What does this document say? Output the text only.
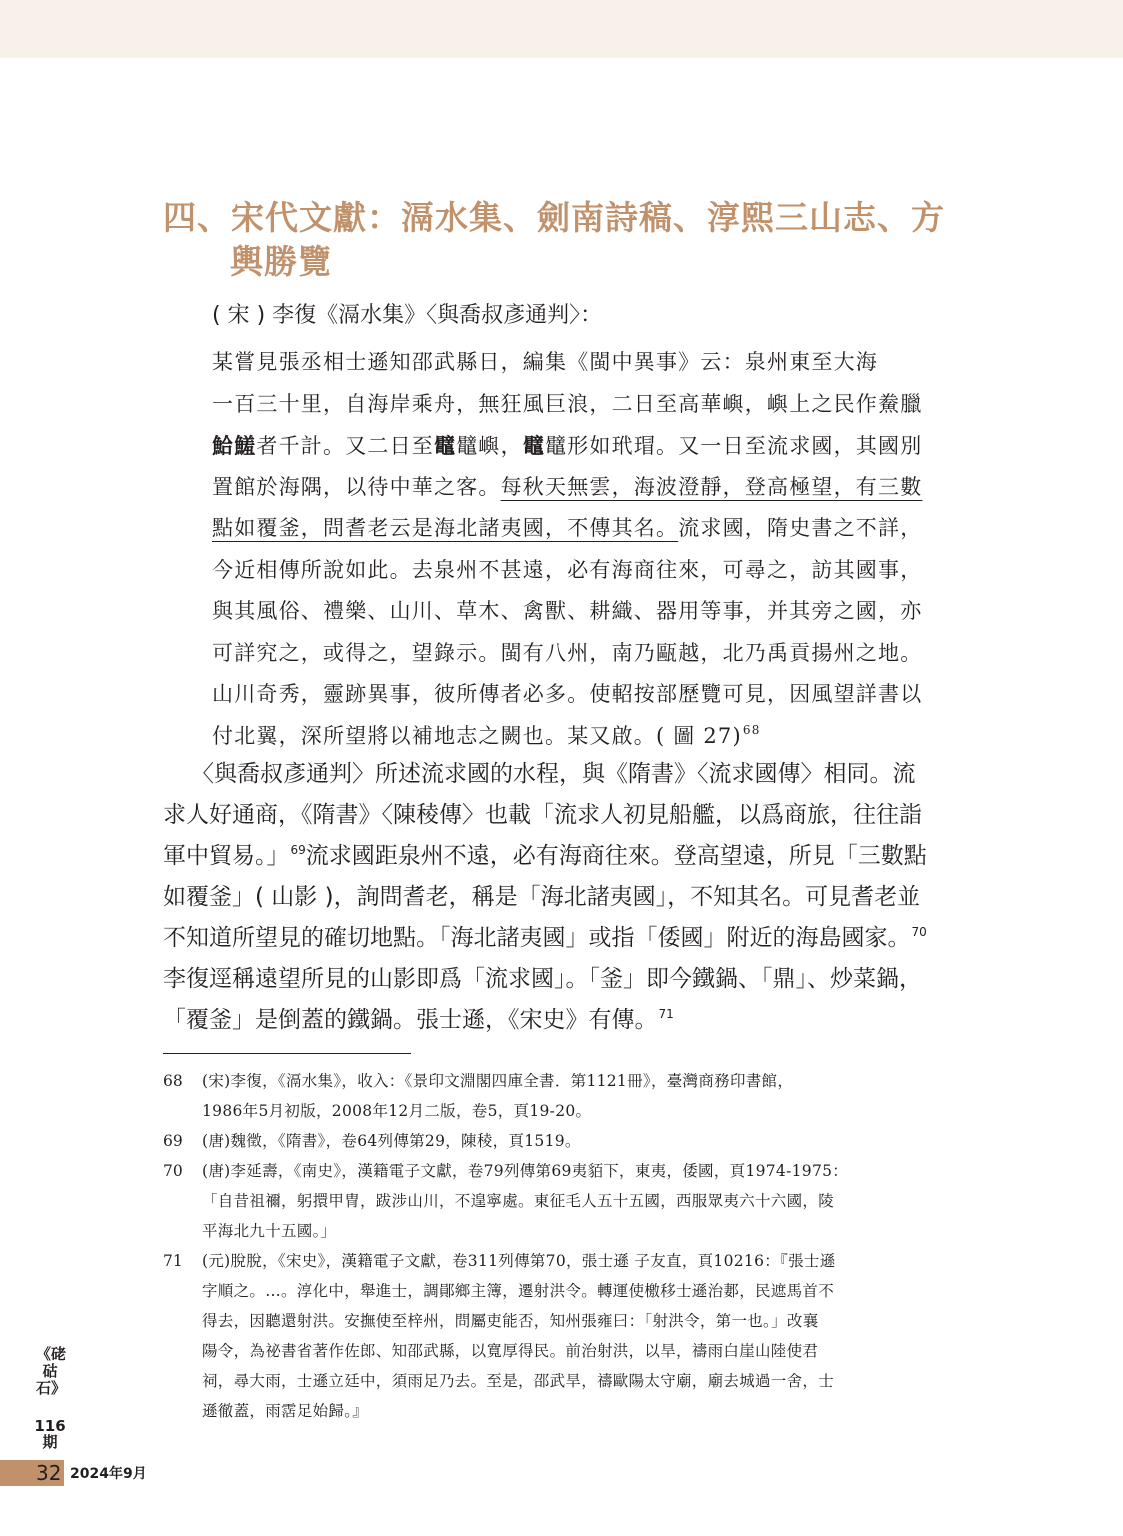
四、宋代文獻：滆水集、劍南詩稿、淳熙三山志、方
輿勝覽

( 宋 ) 李復《滆水集》〈與喬叔彥通判〉：

某嘗見張丞相士遜知邵武縣日，編集《閩中異事》云：泉州東至大海
一百三十里，自海岸乘舟，無狂風巨浪，二日至高華嶼，嶼上之民作鮝臘
鮯鱃者千計。又二日至鼊鼊嶼，鼊鼊形如玳瑁。又一日至流求國，其國別
置館於海隅，以待中華之客。每秋天無雲，海波澄靜，登高極望，有三數
點如覆釜，問耆老云是海北諸夷國，不傳其名。流求國，隋史書之不詳，
今近相傳所說如此。去泉州不甚遠，必有海商往來，可尋之，訪其國事，
與其風俗、禮樂、山川、草木、禽獸、耕織、器用等事，并其旁之國，亦
可詳究之，或得之，望錄示。閩有八州，南乃甌越，北乃禹貢揚州之地。
山川奇秀，靈跡異事，彼所傳者必多。使軺按部歷覽可見，因風望詳書以
付北翼，深所望將以補地志之闕也。某又啟。( 圖 27)$^{68}$
〈與喬叔彥通判〉所述流求國的水程，與《隋書》〈流求國傳〉相同。流
求人好通商，《隋書》〈陳稜傳〉也載「流求人初見船艦，以爲商旅，往往詣
軍中貿易。」$^{69}$流求國距泉州不遠，必有海商往來。登高望遠，所見「三數點
如覆釜」( 山影 )，詢問耆老，稱是「海北諸夷國」，不知其名。可見耆老並
不知道所望見的確切地點。「海北諸夷國」或指「倭國」附近的海島國家。$^{70}$
李復逕稱遠望所見的山影即爲「流求國」。「釜」即今鐵鍋、「鼎」、炒菜鍋，
「覆釜」是倒蓋的鐵鍋。張士遜，《宋史》有傳。$^{71}$
68 (宋)李復，《滆水集》，收入：《景印文淵閣四庫全書．第1121冊》，臺灣商務印書館，
1986年5月初版，2008年12月二版，卷5，頁19-20。
69 (唐)魏徵，《隋書》，卷64列傳第29，陳稜，頁1519。
70 (唐)李延壽，《南史》，漢籍電子文獻，卷79列傳第69夷貊下，東夷，倭國，頁1974-1975：
「自昔祖禰，躬擐甲冑，跋涉山川，不遑寧處。東征毛人五十五國，西服眾夷六十六國，陵
平海北九十五國。」
71 (元)脫脫，《宋史》，漢籍電子文獻，卷311列傳第70，張士遜 子友直，頁10216：『張士遜
字順之。…。淳化中，舉進士，調鄖鄉主簿，遷射洪令。轉運使檄移士遜治郪，民遮馬首不
得去，因聽還射洪。安撫使至梓州，問屬吏能否，知州張雍曰：「射洪令，第一也。」改襄
陽令，為祕書省著作佐郎、知邵武縣，以寬厚得民。前治射洪，以旱，禱雨白崖山陸使君
祠，尋大雨，士遜立廷中，須雨足乃去。至是，邵武旱，禱歐陽太守廟，廟去城過一舍，士
遜徹蓋，雨霑足始歸。』
《硓𥑮石》
116期
32 2024年9月
